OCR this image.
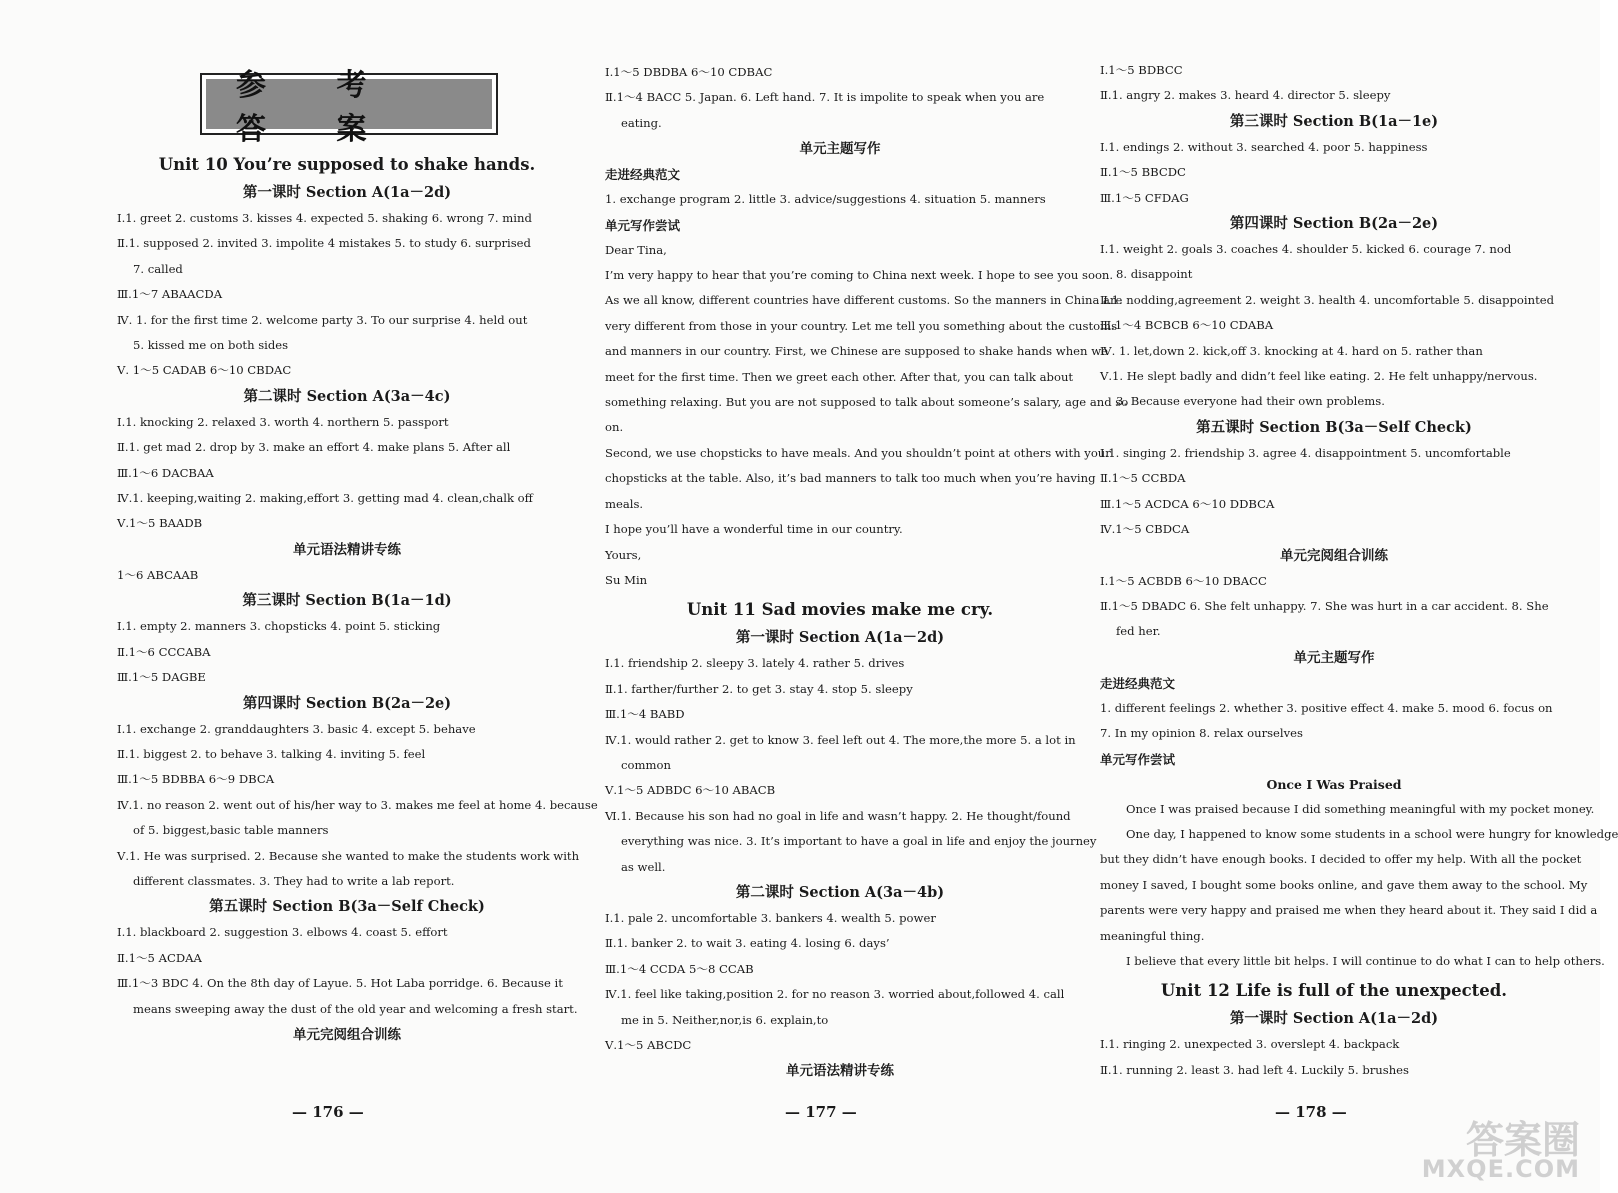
参 考 答 案
Unit 10 You’re supposed to shake hands.
第一课时 Section A(1a－2d)
Ⅰ.1. greet 2. customs 3. kisses 4. expected 5. shaking 6. wrong 7. mind
Ⅱ.1. supposed 2. invited 3. impolite 4 mistakes 5. to study 6. surprised
7. called
Ⅲ.1～7 ABAACDA
Ⅳ. 1. for the first time 2. welcome party 3. To our surprise 4. held out
5. kissed me on both sides
Ⅴ. 1～5 CADAB 6～10 CBDAC
第二课时 Section A(3a－4c)
Ⅰ.1. knocking 2. relaxed 3. worth 4. northern 5. passport
Ⅱ.1. get mad 2. drop by 3. make an effort 4. make plans 5. After all
Ⅲ.1～6 DACBAA
Ⅳ.1. keeping,waiting 2. making,effort 3. getting mad 4. clean,chalk off
Ⅴ.1～5 BAADB
单元语法精讲专练
1～6 ABCAAB
第三课时 Section B(1a－1d)
Ⅰ.1. empty 2. manners 3. chopsticks 4. point 5. sticking
Ⅱ.1～6 CCCABA
Ⅲ.1～5 DAGBE
第四课时 Section B(2a－2e)
Ⅰ.1. exchange 2. granddaughters 3. basic 4. except 5. behave
Ⅱ.1. biggest 2. to behave 3. talking 4. inviting 5. feel
Ⅲ.1～5 BDBBA 6～9 DBCA
Ⅳ.1. no reason 2. went out of his/her way to 3. makes me feel at home 4. because
of 5. biggest,basic table manners
Ⅴ.1. He was surprised. 2. Because she wanted to make the students work with
different classmates. 3. They had to write a lab report.
第五课时 Section B(3a－Self Check)
Ⅰ.1. blackboard 2. suggestion 3. elbows 4. coast 5. effort
Ⅱ.1～5 ACDAA
Ⅲ.1～3 BDC 4. On the 8th day of Layue. 5. Hot Laba porridge. 6. Because it
means sweeping away the dust of the old year and welcoming a fresh start.
单元完阅组合训练
Ⅰ.1～5 DBDBA 6～10 CDBAC
Ⅱ.1～4 BACC 5. Japan. 6. Left hand. 7. It is impolite to speak when you are
eating.
单元主题写作
走进经典范文
1. exchange program 2. little 3. advice/suggestions 4. situation 5. manners
单元写作尝试
Dear Tina,
I’m very happy to hear that you’re coming to China next week. I hope to see you soon.
As we all know, different countries have different customs. So the manners in China are
very different from those in your country. Let me tell you something about the customs
and manners in our country. First, we Chinese are supposed to shake hands when we
meet for the first time. Then we greet each other. After that, you can talk about
something relaxing. But you are not supposed to talk about someone’s salary, age and so
on.
Second, we use chopsticks to have meals. And you shouldn’t point at others with your
chopsticks at the table. Also, it’s bad manners to talk too much when you’re having
meals.
I hope you’ll have a wonderful time in our country.
Yours,
Su Min
Unit 11 Sad movies make me cry.
第一课时 Section A(1a－2d)
Ⅰ.1. friendship 2. sleepy 3. lately 4. rather 5. drives
Ⅱ.1. farther/further 2. to get 3. stay 4. stop 5. sleepy
Ⅲ.1～4 BABD
Ⅳ.1. would rather 2. get to know 3. feel left out 4. The more,the more 5. a lot in
common
Ⅴ.1～5 ADBDC 6～10 ABACB
Ⅵ.1. Because his son had no goal in life and wasn’t happy. 2. He thought/found
everything was nice. 3. It’s important to have a goal in life and enjoy the journey
as well.
第二课时 Section A(3a－4b)
Ⅰ.1. pale 2. uncomfortable 3. bankers 4. wealth 5. power
Ⅱ.1. banker 2. to wait 3. eating 4. losing 6. days’
Ⅲ.1～4 CCDA 5～8 CCAB
Ⅳ.1. feel like taking,position 2. for no reason 3. worried about,followed 4. call
me in 5. Neither,nor,is 6. explain,to
Ⅴ.1～5 ABCDC
单元语法精讲专练
Ⅰ.1～5 BDBCC
Ⅱ.1. angry 2. makes 3. heard 4. director 5. sleepy
第三课时 Section B(1a－1e)
Ⅰ.1. endings 2. without 3. searched 4. poor 5. happiness
Ⅱ.1～5 BBCDC
Ⅲ.1～5 CFDAG
第四课时 Section B(2a－2e)
Ⅰ.1. weight 2. goals 3. coaches 4. shoulder 5. kicked 6. courage 7. nod
8. disappoint
Ⅱ.1. nodding,agreement 2. weight 3. health 4. uncomfortable 5. disappointed
Ⅲ.1～4 BCBCB 6～10 CDABA
Ⅳ. 1. let,down 2. kick,off 3. knocking at 4. hard on 5. rather than
Ⅴ.1. He slept badly and didn’t feel like eating. 2. He felt unhappy/nervous.
3. Because everyone had their own problems.
第五课时 Section B(3a－Self Check)
Ⅰ.1. singing 2. friendship 3. agree 4. disappointment 5. uncomfortable
Ⅱ.1～5 CCBDA
Ⅲ.1～5 ACDCA 6～10 DDBCA
Ⅳ.1～5 CBDCA
单元完阅组合训练
Ⅰ.1～5 ACBDB 6～10 DBACC
Ⅱ.1～5 DBADC 6. She felt unhappy. 7. She was hurt in a car accident. 8. She
fed her.
单元主题写作
走进经典范文
1. different feelings 2. whether 3. positive effect 4. make 5. mood 6. focus on
7. In my opinion 8. relax ourselves
单元写作尝试
Once I Was Praised
Once I was praised because I did something meaningful with my pocket money.
One day, I happened to know some students in a school were hungry for knowledge
but they didn’t have enough books. I decided to offer my help. With all the pocket
money I saved, I bought some books online, and gave them away to the school. My
parents were very happy and praised me when they heard about it. They said I did a
meaningful thing.
I believe that every little bit helps. I will continue to do what I can to help others.
Unit 12 Life is full of the unexpected.
第一课时 Section A(1a－2d)
Ⅰ.1. ringing 2. unexpected 3. overslept 4. backpack
Ⅱ.1. running 2. least 3. had left 4. Luckily 5. brushes
— 176 —	— 177 —	— 178 —
答案圈
MXQE.COM
